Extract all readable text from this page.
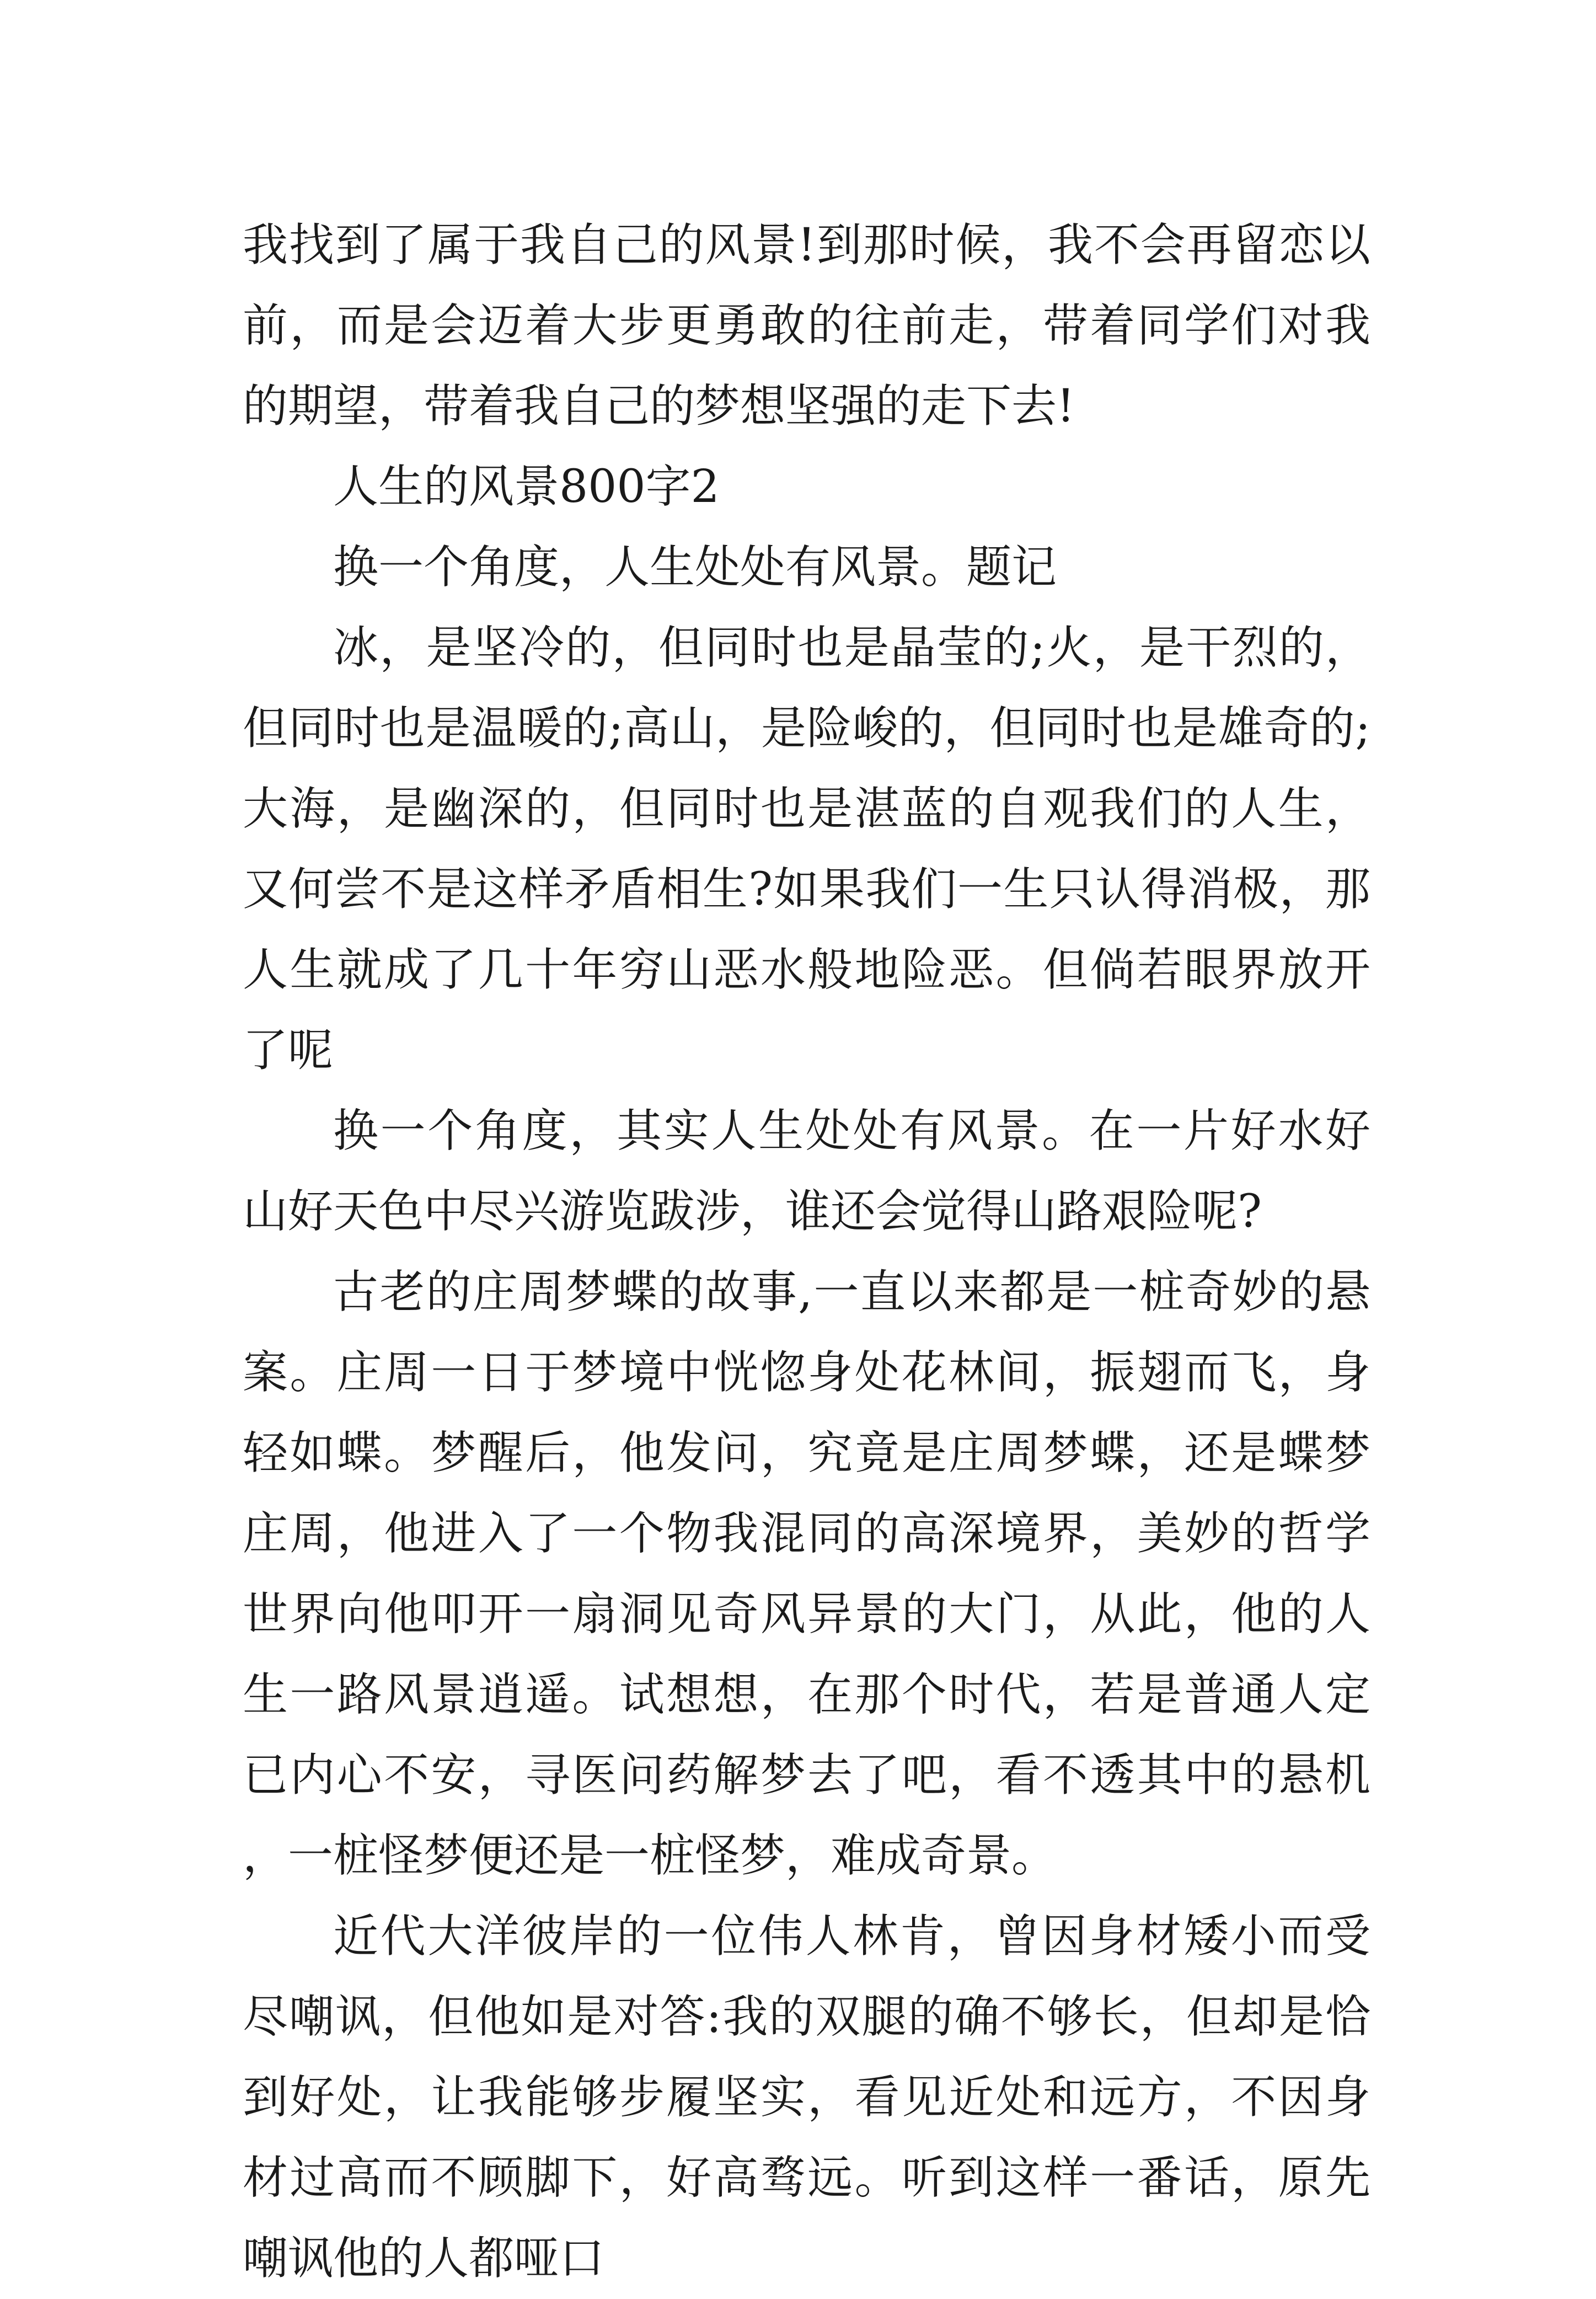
我找到了属于我自己的风景!到那时候，我不会再留恋以前，而是会迈着大步更勇敢的往前走，带着同学们对我的期望，带着我自己的梦想坚强的走下去!

人生的风景800字2

换一个角度，人生处处有风景。题记

冰，是坚冷的，但同时也是晶莹的;火，是干烈的，但同时也是温暖的;高山，是险峻的，但同时也是雄奇的;大海，是幽深的，但同时也是湛蓝的自观我们的人生，又何尝不是这样矛盾相生?如果我们一生只认得消极，那人生就成了几十年穷山恶水般地险恶。但倘若眼界放开了呢

换一个角度，其实人生处处有风景。在一片好水好山好天色中尽兴游览跋涉，谁还会觉得山路艰险呢?

古老的庄周梦蝶的故事,一直以来都是一桩奇妙的悬案。庄周一日于梦境中恍惚身处花林间，振翅而飞，身轻如蝶。梦醒后，他发问，究竟是庄周梦蝶，还是蝶梦庄周，他进入了一个物我混同的高深境界，美妙的哲学世界向他叩开一扇洞见奇风异景的大门，从此，他的人生一路风景逍遥。试想想，在那个时代，若是普通人定已内心不安，寻医问药解梦去了吧，看不透其中的悬机，一桩怪梦便还是一桩怪梦，难成奇景。

近代大洋彼岸的一位伟人林肯，曾因身材矮小而受尽嘲讽，但他如是对答:我的双腿的确不够长，但却是恰到好处，让我能够步履坚实，看见近处和远方，不因身材过高而不顾脚下，好高骛远。听到这样一番话，原先嘲讽他的人都哑口
